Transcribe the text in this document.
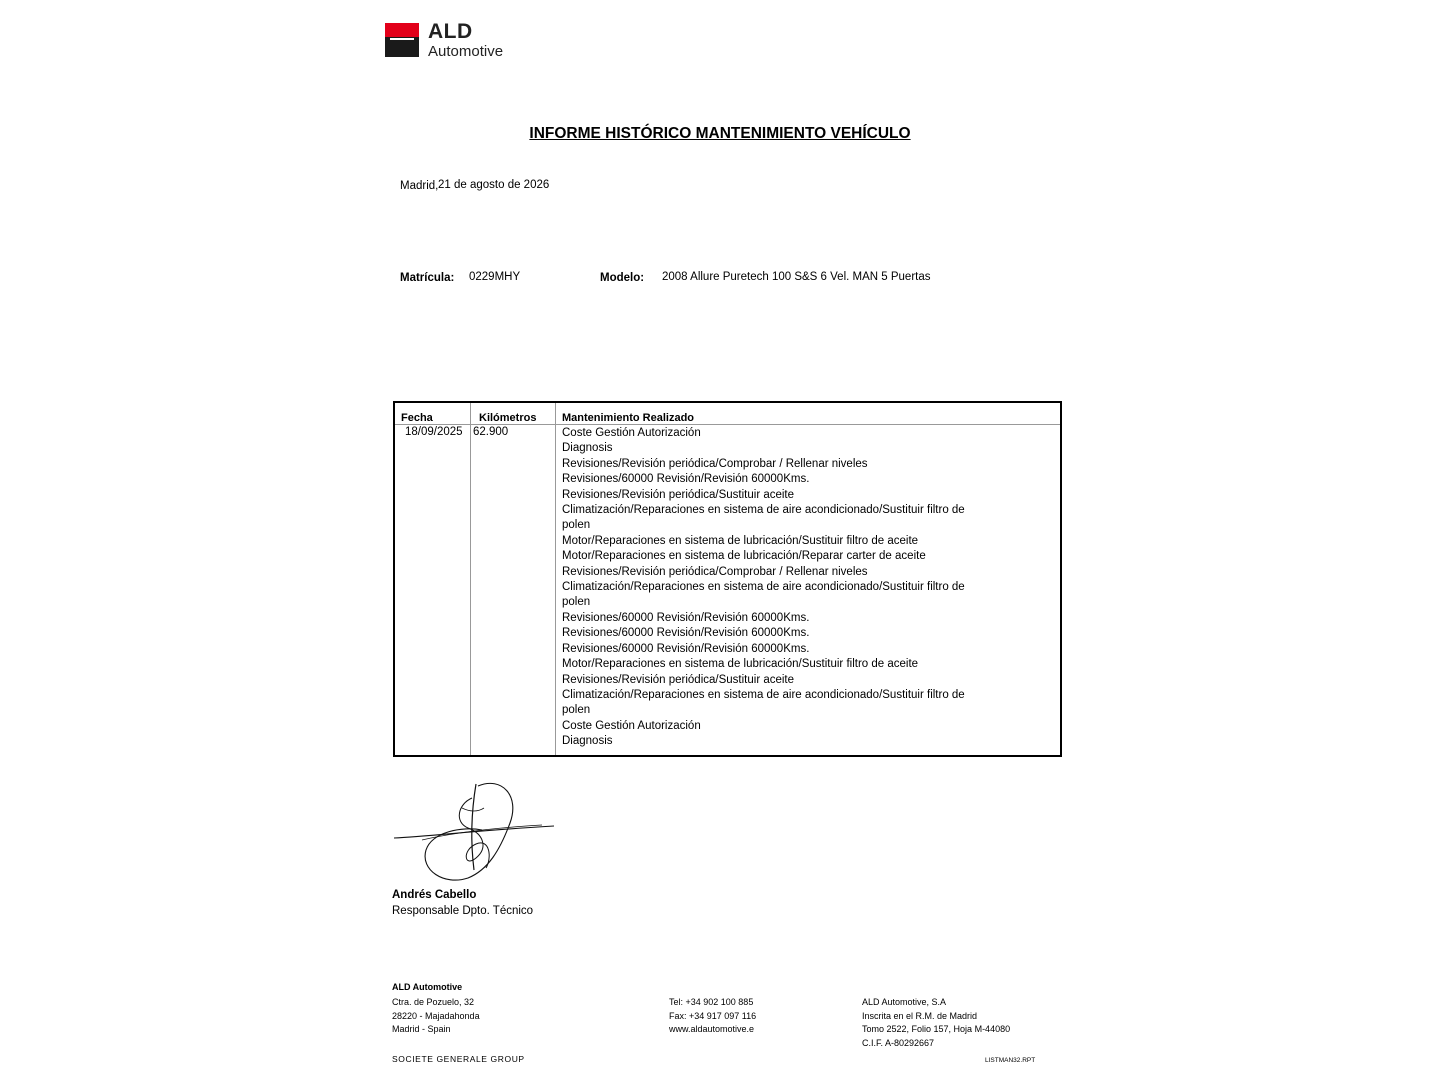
ALD
Automotive
INFORME HISTÓRICO MANTENIMIENTO VEHÍCULO
Madrid, 21 de agosto de 2026
Matrícula: 0229MHY	Modelo: 2008 Allure Puretech 100 S&S 6 Vel. MAN 5 Puertas
Fecha	Kilómetros Mantenimiento Realizado
18/09/2025 62.900	Coste Gestión Autorización
Diagnosis
Revisiones/Revisión periódica/Comprobar / Rellenar niveles
Revisiones/60000 Revisión/Revisión 60000Kms.
Revisiones/Revisión periódica/Sustituir aceite
Climatización/Reparaciones en sistema de aire acondicionado/Sustituir filtro de
polen
Motor/Reparaciones en sistema de lubricación/Sustituir filtro de aceite
Motor/Reparaciones en sistema de lubricación/Reparar carter de aceite
Revisiones/Revisión periódica/Comprobar / Rellenar niveles
Climatización/Reparaciones en sistema de aire acondicionado/Sustituir filtro de
polen
Revisiones/60000 Revisión/Revisión 60000Kms.
Revisiones/60000 Revisión/Revisión 60000Kms.
Revisiones/60000 Revisión/Revisión 60000Kms.
Motor/Reparaciones en sistema de lubricación/Sustituir filtro de aceite
Revisiones/Revisión periódica/Sustituir aceite
Climatización/Reparaciones en sistema de aire acondicionado/Sustituir filtro de
polen
Coste Gestión Autorización
Diagnosis
Andrés Cabello
Responsable Dpto. Técnico
ALD Automotive
Ctra. de Pozuelo, 32
28220 - Majadahonda
Madrid - Spain
Tel: +34 902 100 885
Fax: +34 917 097 116
www.aldautomotive.e
ALD Automotive, S.A
Inscrita en el R.M. de Madrid
Tomo 2522, Folio 157, Hoja M-44080
C.I.F. A-80292667
SOCIETE GENERALE GROUP	LISTMAN32.RPT
